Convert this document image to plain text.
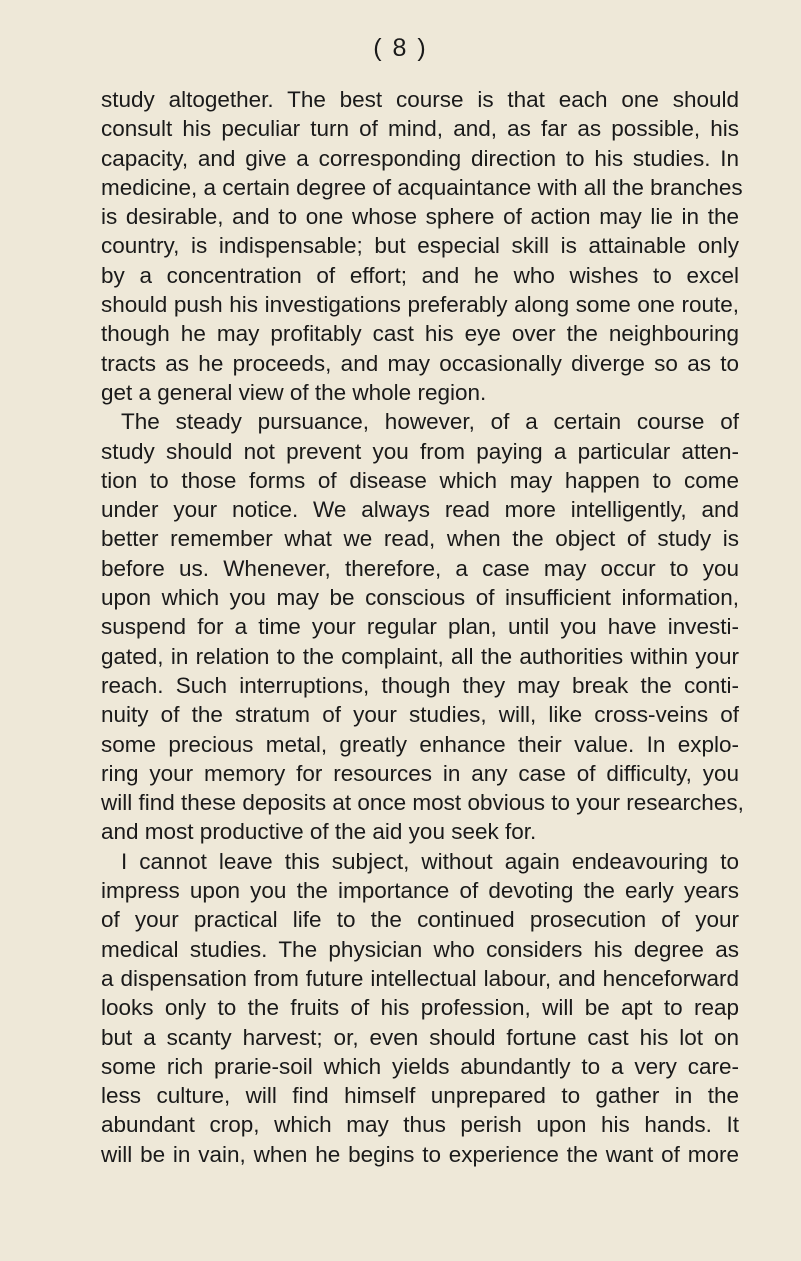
( 8 )
study altogether. The best course is that each one should
consult his peculiar turn of mind, and, as far as possible, his
capacity, and give a corresponding direction to his studies. In
medicine, a certain degree of acquaintance with all the branches
is desirable, and to one whose sphere of action may lie in the
country, is indispensable; but especial skill is attainable only
by a concentration of effort; and he who wishes to excel
should push his investigations preferably along some one route,
though he may profitably cast his eye over the neighbouring
tracts as he proceeds, and may occasionally diverge so as to
get a general view of the whole region.
The steady pursuance, however, of a certain course of
study should not prevent you from paying a particular atten-
tion to those forms of disease which may happen to come
under your notice. We always read more intelligently, and
better remember what we read, when the object of study is
before us. Whenever, therefore, a case may occur to you
upon which you may be conscious of insufficient information,
suspend for a time your regular plan, until you have investi-
gated, in relation to the complaint, all the authorities within your
reach. Such interruptions, though they may break the conti-
nuity of the stratum of your studies, will, like cross-veins of
some precious metal, greatly enhance their value. In explo-
ring your memory for resources in any case of difficulty, you
will find these deposits at once most obvious to your researches,
and most productive of the aid you seek for.
I cannot leave this subject, without again endeavouring to
impress upon you the importance of devoting the early years
of your practical life to the continued prosecution of your
medical studies. The physician who considers his degree as
a dispensation from future intellectual labour, and henceforward
looks only to the fruits of his profession, will be apt to reap
but a scanty harvest; or, even should fortune cast his lot on
some rich prarie-soil which yields abundantly to a very care-
less culture, will find himself unprepared to gather in the
abundant crop, which may thus perish upon his hands. It
will be in vain, when he begins to experience the want of more
